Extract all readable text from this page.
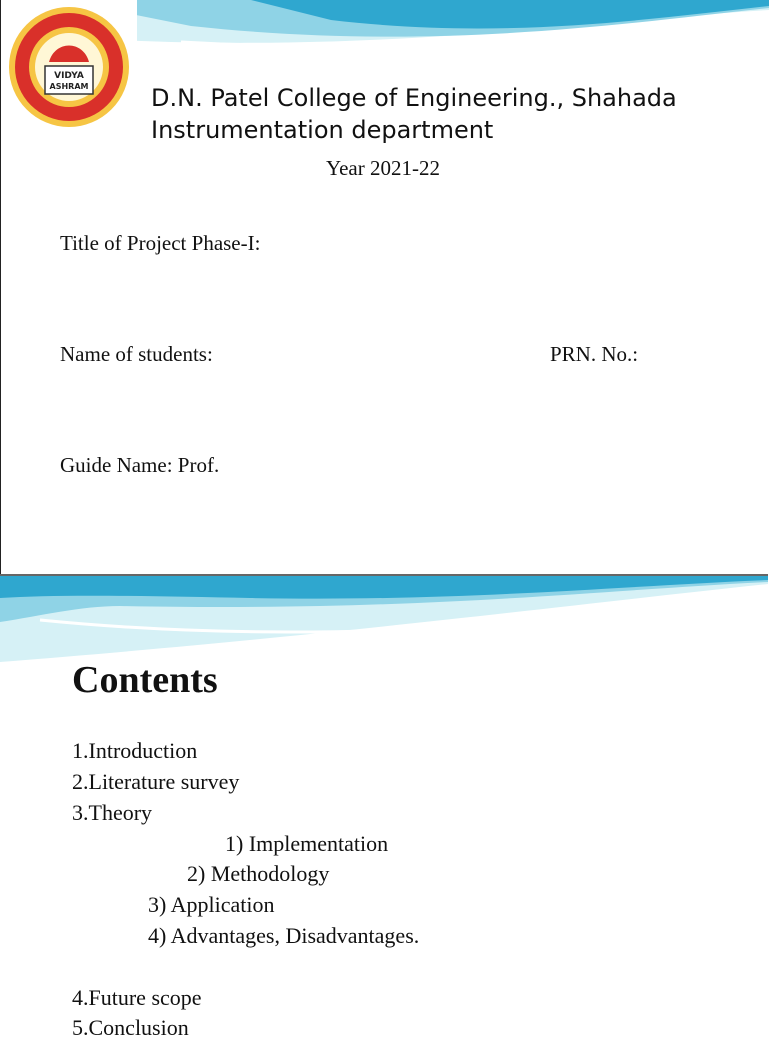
VIDYA
ASHRAM	D.N. Patel College of Engineering., Shahada
Instrumentation department
Year 2021-22
Title of Project Phase-I:
Name of students:	PRN. No.:
Guide Name: Prof.
Contents
1.Introduction
2.Literature survey
3.Theory
1) Implementation
2) Methodology
3) Application
4) Advantages, Disadvantages.
4.Future scope
5.Conclusion
